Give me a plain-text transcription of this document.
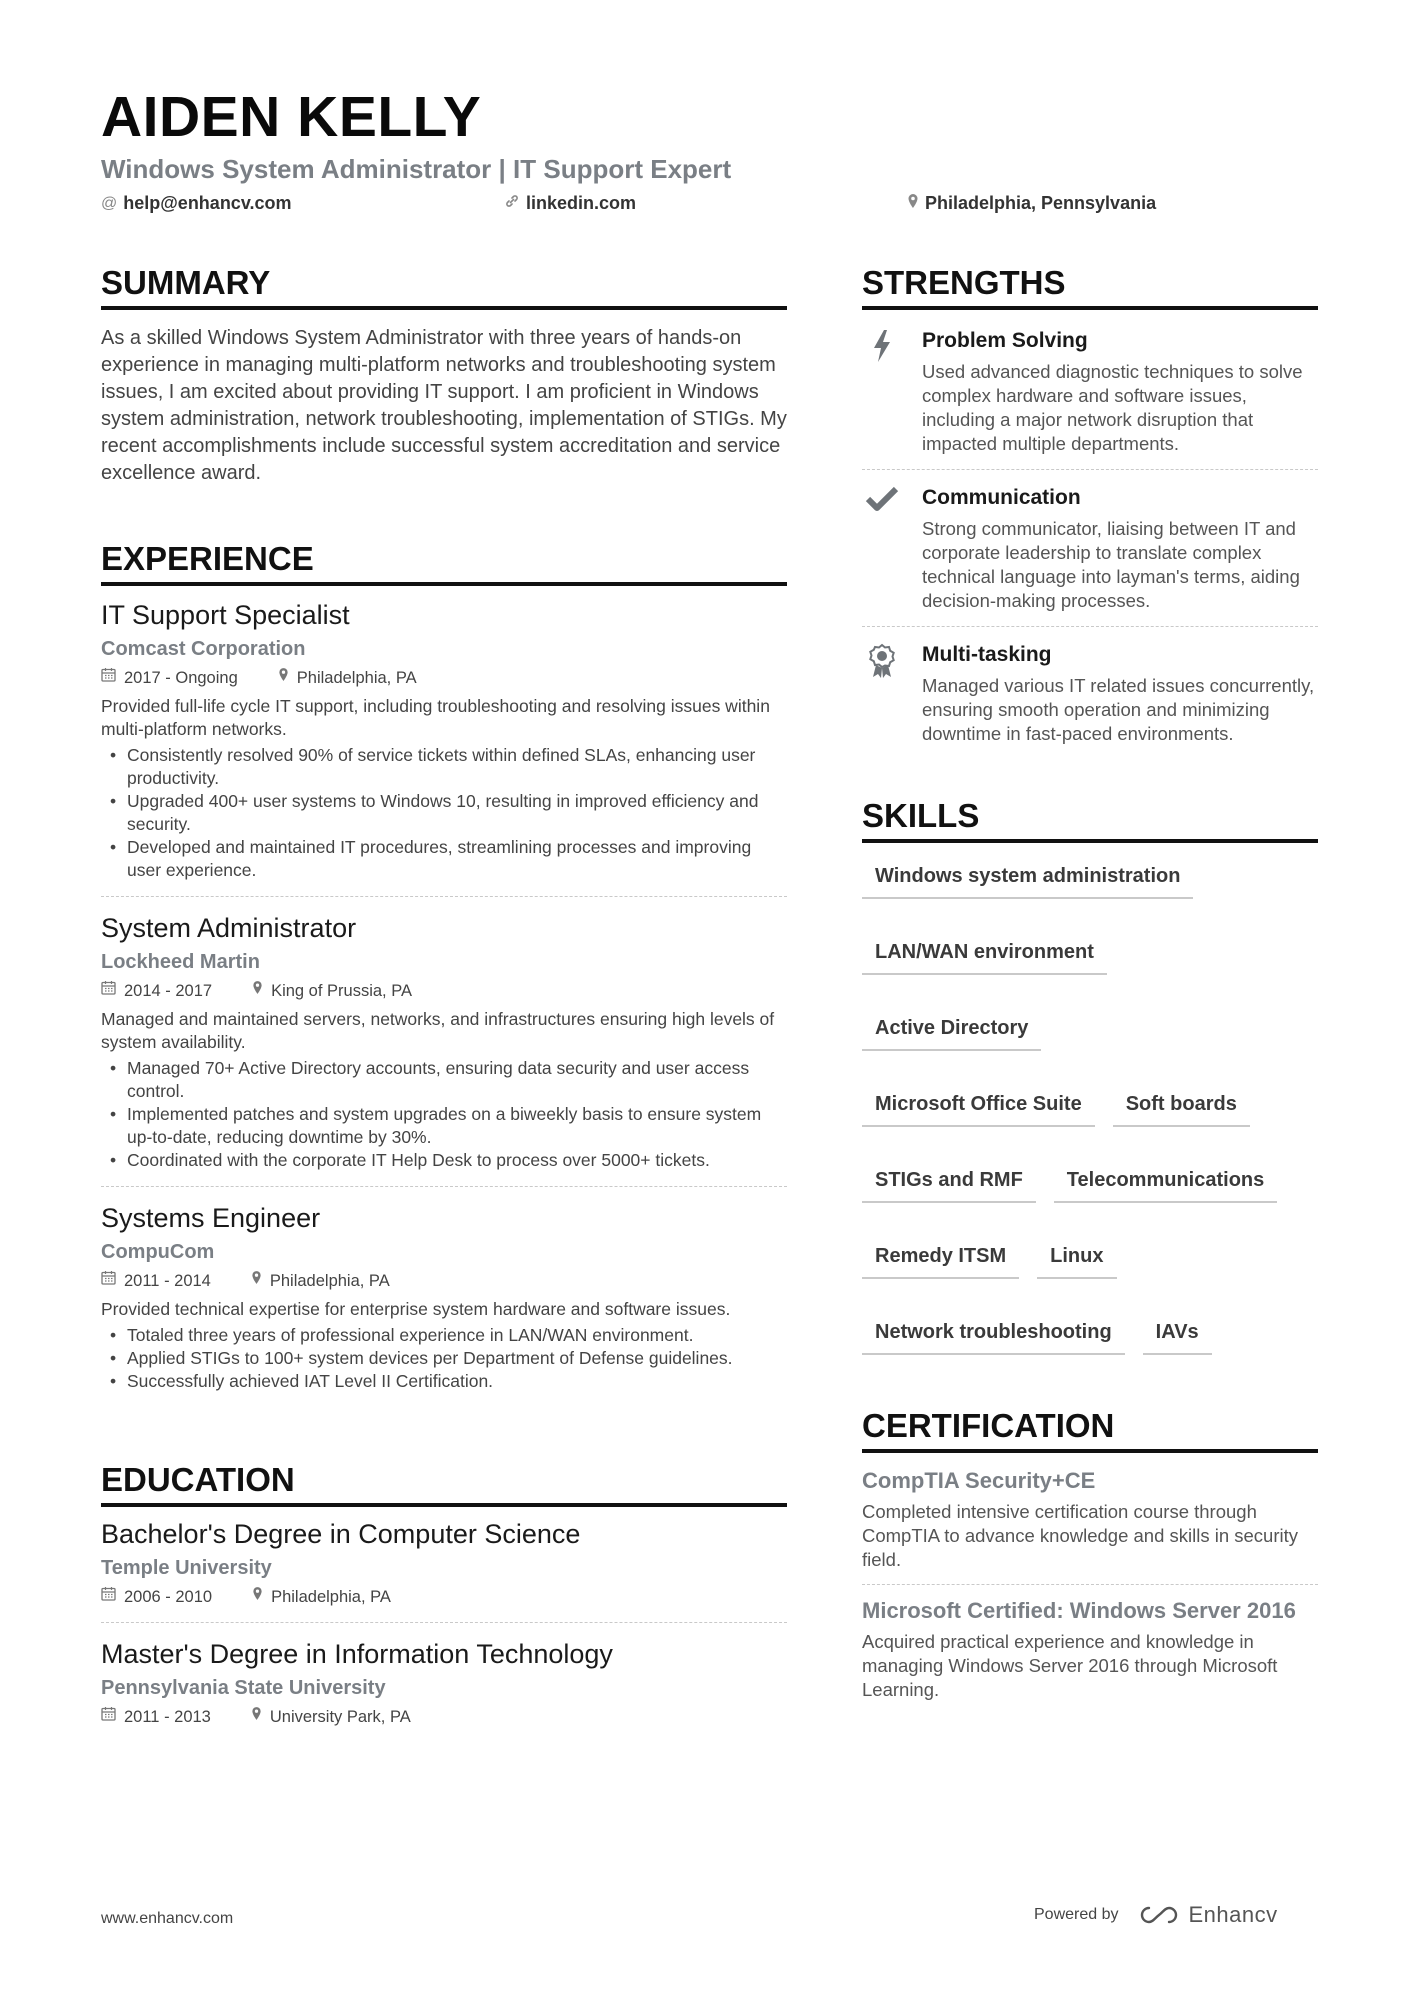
AIDEN KELLY
Windows System Administrator | IT Support Expert
@ help@enhancv.com	linkedin.com	Philadelphia, Pennsylvania
SUMMARY
As a skilled Windows System Administrator with three years of hands-on experience in managing multi-platform networks and troubleshooting system issues, I am excited about providing IT support. I am proficient in Windows system administration, network troubleshooting, implementation of STIGs. My recent accomplishments include successful system accreditation and service excellence award.
EXPERIENCE
IT Support Specialist
Comcast Corporation
2017 - Ongoing	Philadelphia, PA
Provided full-life cycle IT support, including troubleshooting and resolving issues within multi-platform networks.
• Consistently resolved 90% of service tickets within defined SLAs, enhancing user productivity.
• Upgraded 400+ user systems to Windows 10, resulting in improved efficiency and security.
• Developed and maintained IT procedures, streamlining processes and improving user experience.
System Administrator
Lockheed Martin
2014 - 2017	King of Prussia, PA
Managed and maintained servers, networks, and infrastructures ensuring high levels of system availability.
• Managed 70+ Active Directory accounts, ensuring data security and user access control.
• Implemented patches and system upgrades on a biweekly basis to ensure system up-to-date, reducing downtime by 30%.
• Coordinated with the corporate IT Help Desk to process over 5000+ tickets.
Systems Engineer
CompuCom
2011 - 2014	Philadelphia, PA
Provided technical expertise for enterprise system hardware and software issues.
• Totaled three years of professional experience in LAN/WAN environment.
• Applied STIGs to 100+ system devices per Department of Defense guidelines.
• Successfully achieved IAT Level II Certification.
EDUCATION
Bachelor's Degree in Computer Science
Temple University
2006 - 2010	Philadelphia, PA
Master's Degree in Information Technology
Pennsylvania State University
2011 - 2013	University Park, PA
STRENGTHS
Problem Solving
Used advanced diagnostic techniques to solve complex hardware and software issues, including a major network disruption that impacted multiple departments.
Communication
Strong communicator, liaising between IT and corporate leadership to translate complex technical language into layman's terms, aiding decision-making processes.
Multi-tasking
Managed various IT related issues concurrently, ensuring smooth operation and minimizing downtime in fast-paced environments.
SKILLS
Windows system administration
LAN/WAN environment
Active Directory
Microsoft Office Suite	Soft boards
STIGs and RMF	Telecommunications
Remedy ITSM	Linux
Network troubleshooting	IAVs
CERTIFICATION
CompTIA Security+CE
Completed intensive certification course through CompTIA to advance knowledge and skills in security field.
Microsoft Certified: Windows Server 2016
Acquired practical experience and knowledge in managing Windows Server 2016 through Microsoft Learning.
www.enhancv.com	Powered by	Enhancv
